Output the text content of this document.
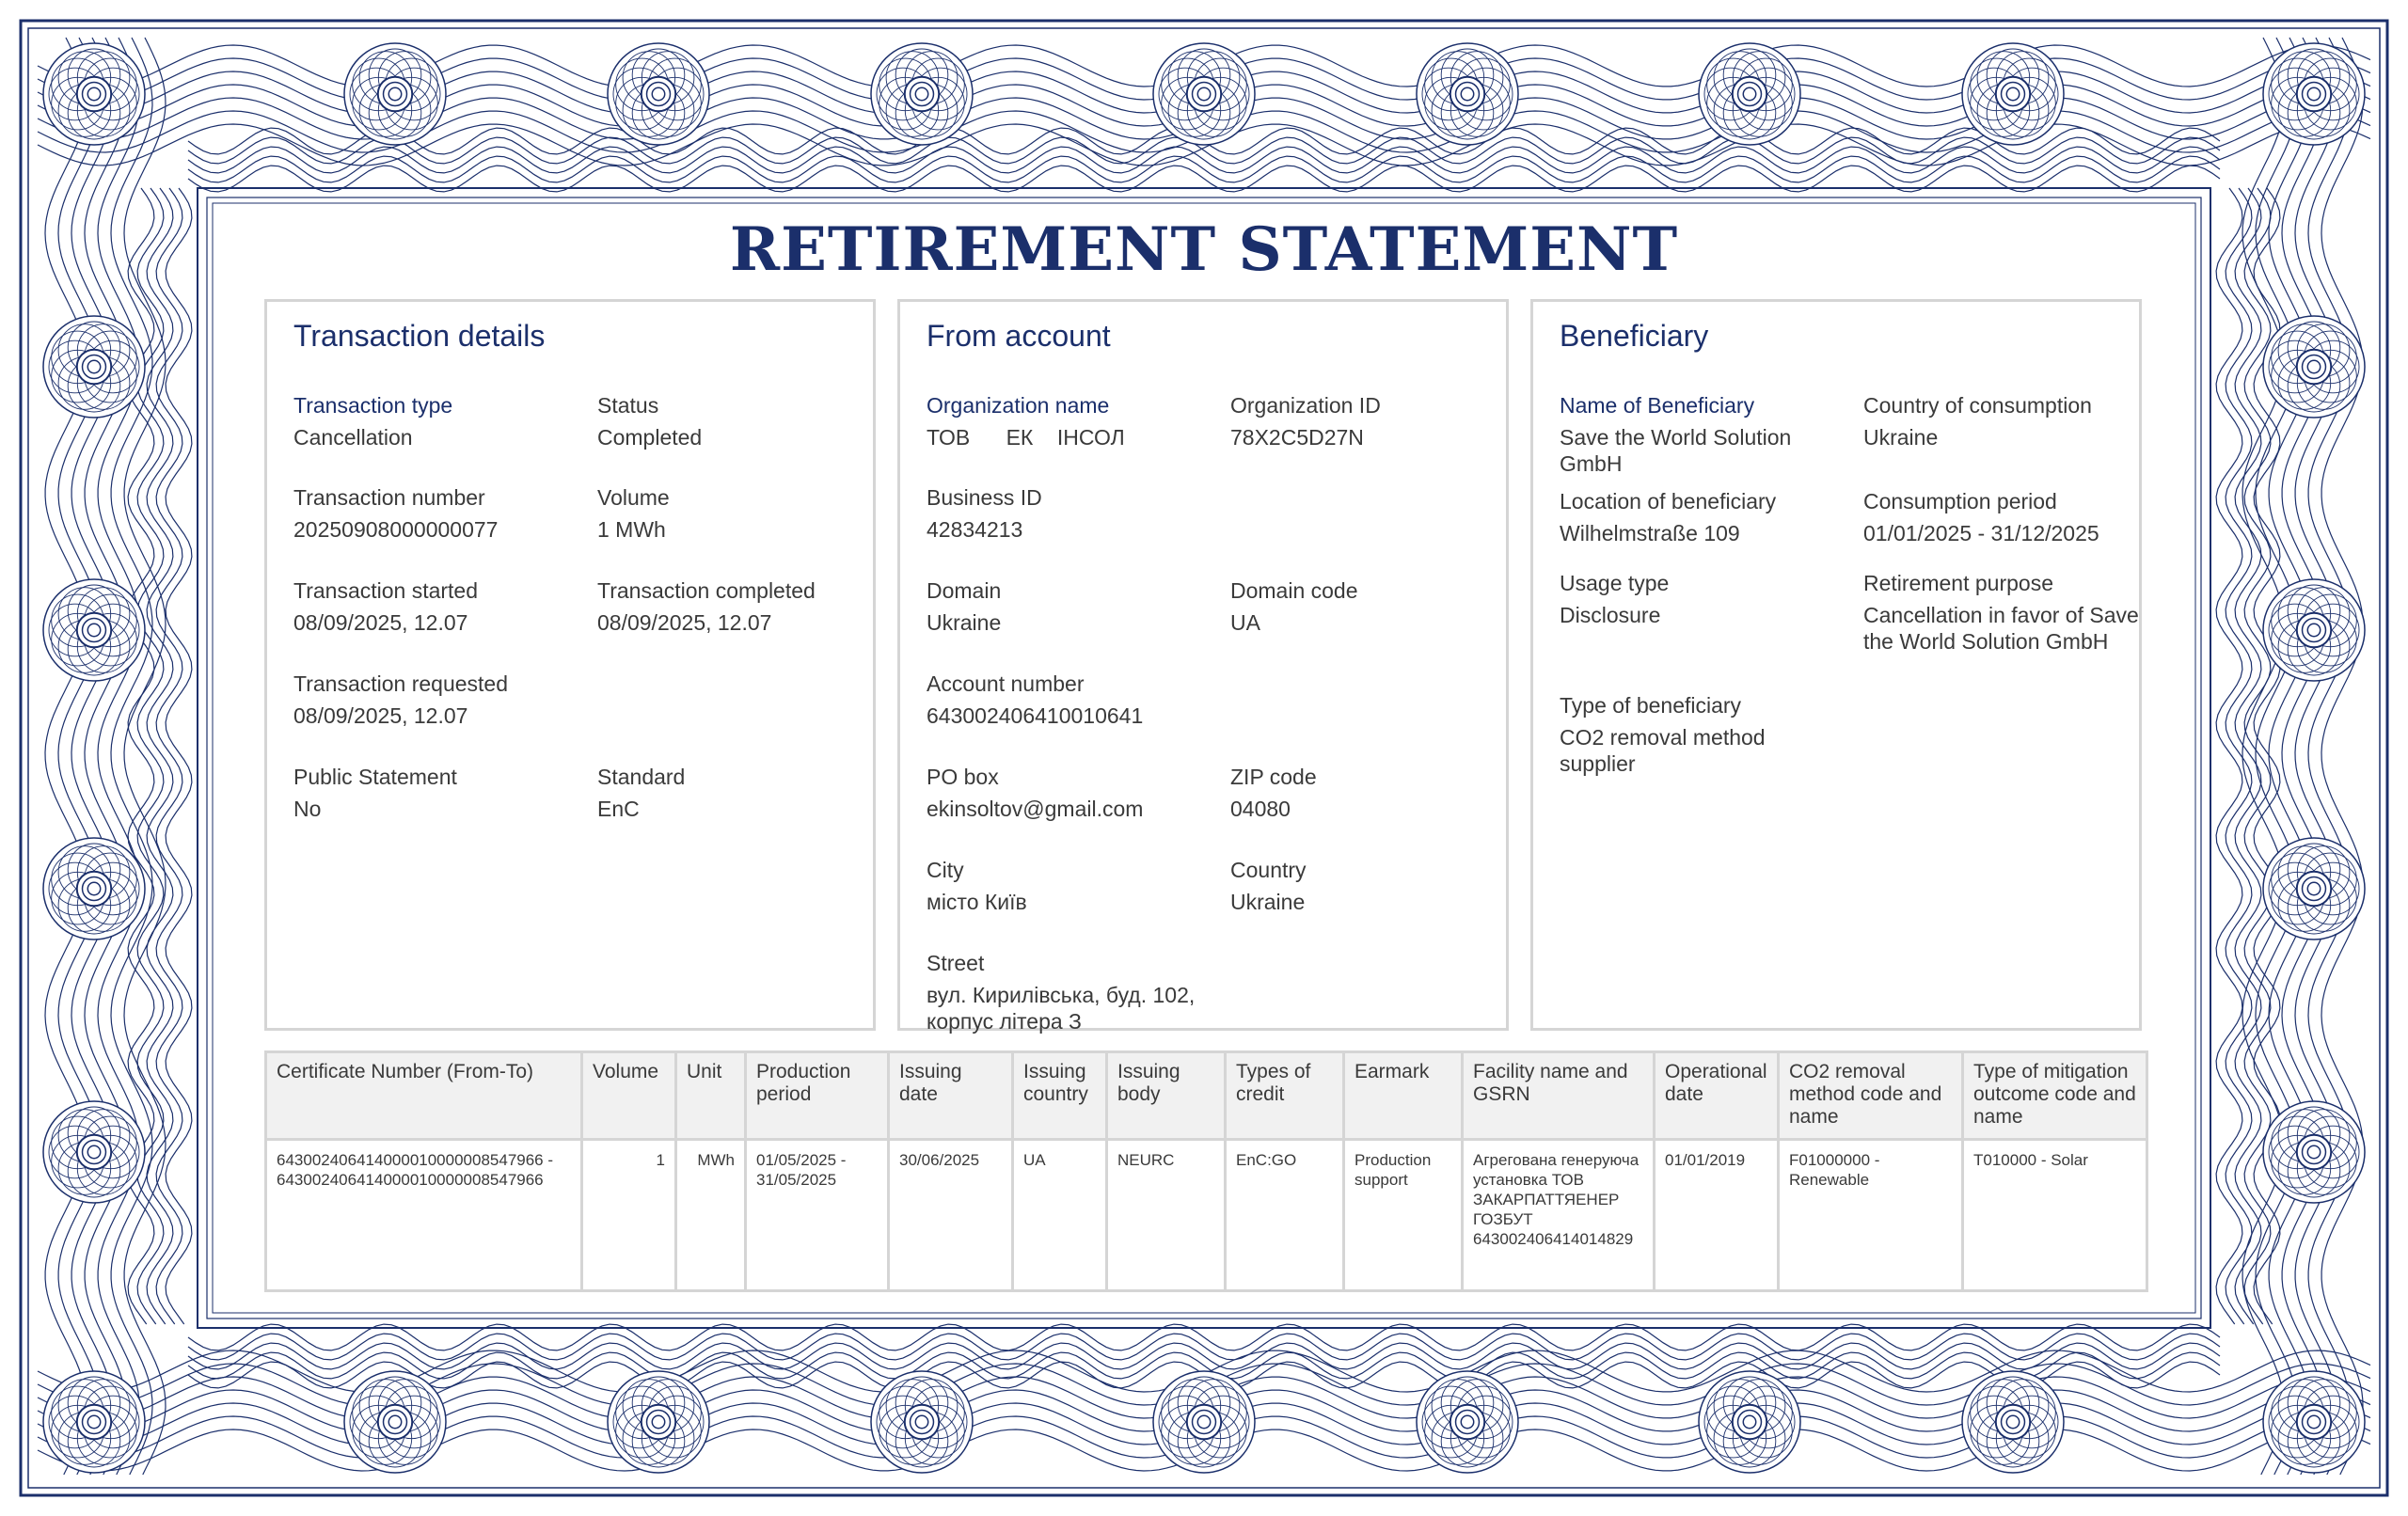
RETIREMENT STATEMENT
Transaction details
Transaction type
Cancellation
Status
Completed
Transaction number
20250908000000077
Volume
1 MWh
Transaction started
08/09/2025, 12.07
Transaction completed
08/09/2025, 12.07
Transaction requested
08/09/2025, 12.07
Public Statement
No
Standard
EnC
From account
Organization name
ТОВ      ЕК    ІНСОЛ
Organization ID
78X2C5D27N
Business ID
42834213
Domain
Ukraine
Domain code
UA
Account number
643002406410010641
PO box
ekinsoltov@gmail.com
ZIP code
04080
City
місто Київ
Country
Ukraine
Street
вул. Кирилівська, буд. 102, корпус літера З
Beneficiary
Name of Beneficiary
Save the World Solution GmbH
Country of consumption
Ukraine
Location of beneficiary
Wilhelmstraße 109
Consumption period
01/01/2025 - 31/12/2025
Usage type
Disclosure
Retirement purpose
Cancellation in favor of Save the World Solution GmbH
Type of beneficiary
CO2 removal method supplier
Certificate Number (From-To)	Volume	Unit	Production period	Issuing date	Issuing country	Issuing body	Types of credit	Earmark	Facility name and GSRN	Operational date	CO2 removal method code and name	Type of mitigation outcome code and name
643002406414000010000008547966 - 643002406414000010000008547966	1	MWh	01/05/2025 - 31/05/2025	30/06/2025	UA	NEURC	EnC:GO	Production support	Агрегована генеруюча установка ТОВ ЗАКАРПАТТЯЕНЕР ГОЗБУТ 643002406414014829	01/01/2019	F01000000 - Renewable	T010000 - Solar
